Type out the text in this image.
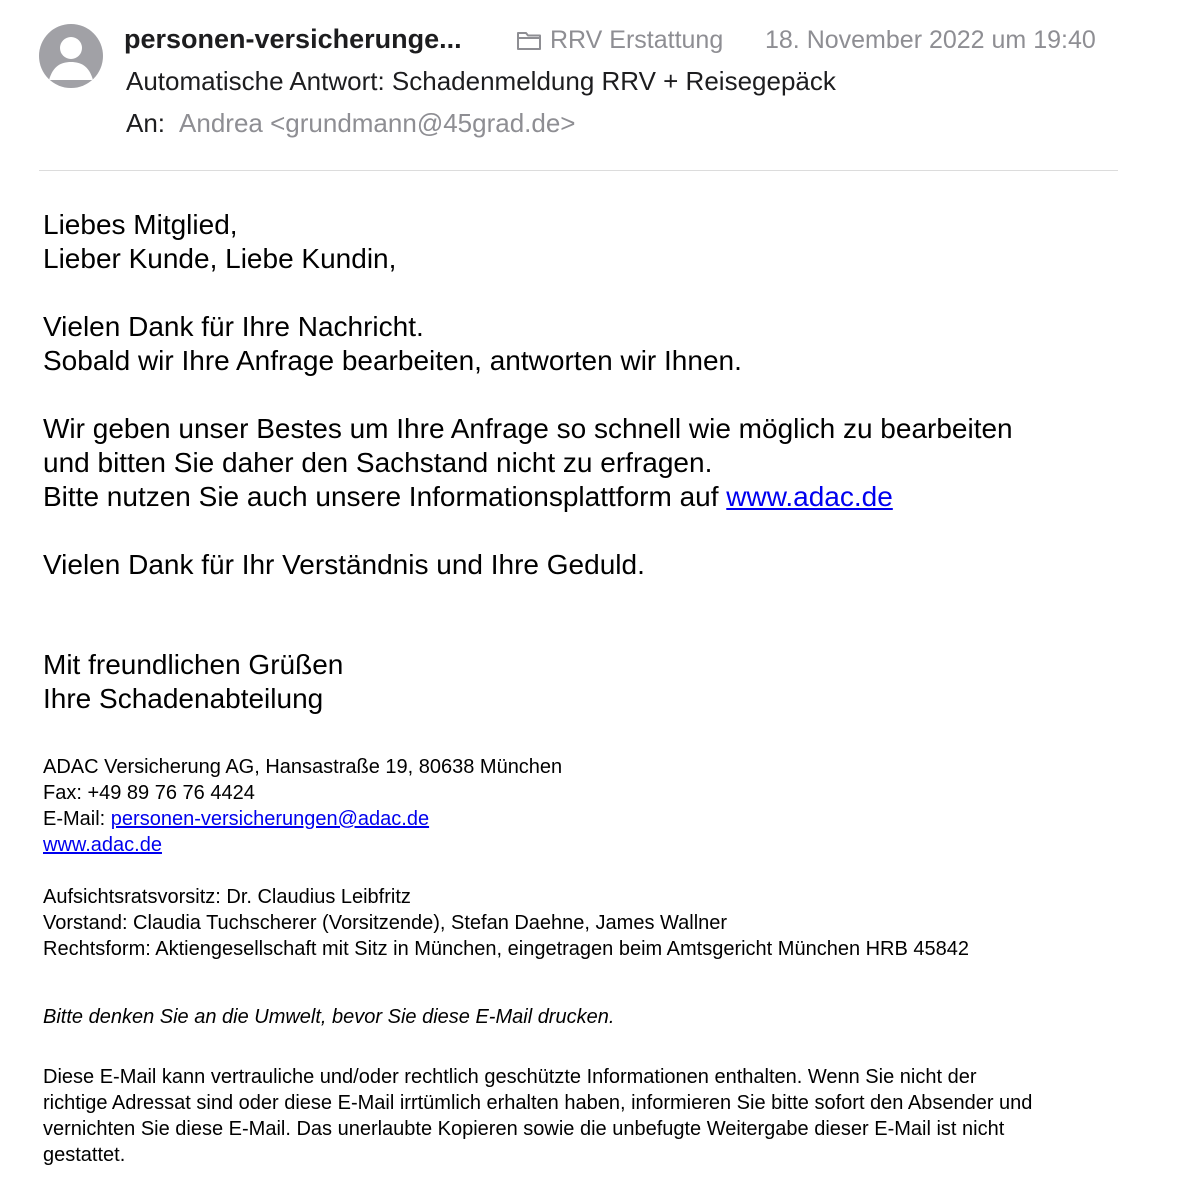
personen-versicherunge...	RRV Erstattung 18. November 2022 um 19:40
Automatische Antwort: Schadenmeldung RRV + Reisegepäck
An: Andrea <grundmann@45grad.de>

Liebes Mitglied,

Lieber Kunde, Liebe Kundin,

Vielen Dank für Ihre Nachricht.

Sobald wir Ihre Anfrage bearbeiten, antworten wir Ihnen.

Wir geben unser Bestes um Ihre Anfrage so schnell wie möglich zu bearbeiten

und bitten Sie daher den Sachstand nicht zu erfragen.

Bitte nutzen Sie auch unsere Informationsplattform auf www.adac.de

Vielen Dank für Ihr Verständnis und Ihre Geduld.

Mit freundlichen Grüßen

Ihre Schadenabteilung

ADAC Versicherung AG, Hansastraße 19, 80638 München

Fax: +49 89 76 76 4424

E-Mail: personen-versicherungen@adac.de

www.adac.de

Aufsichtsratsvorsitz: Dr. Claudius Leibfritz

Vorstand: Claudia Tuchscherer (Vorsitzende), Stefan Daehne, James Wallner

Rechtsform: Aktiengesellschaft mit Sitz in München, eingetragen beim Amtsgericht München HRB 45842

Bitte denken Sie an die Umwelt, bevor Sie diese E-Mail drucken.

Diese E-Mail kann vertrauliche und/oder rechtlich geschützte Informationen enthalten. Wenn Sie nicht der

richtige Adressat sind oder diese E-Mail irrtümlich erhalten haben, informieren Sie bitte sofort den Absender und

vernichten Sie diese E-Mail. Das unerlaubte Kopieren sowie die unbefugte Weitergabe dieser E-Mail ist nicht

gestattet.
